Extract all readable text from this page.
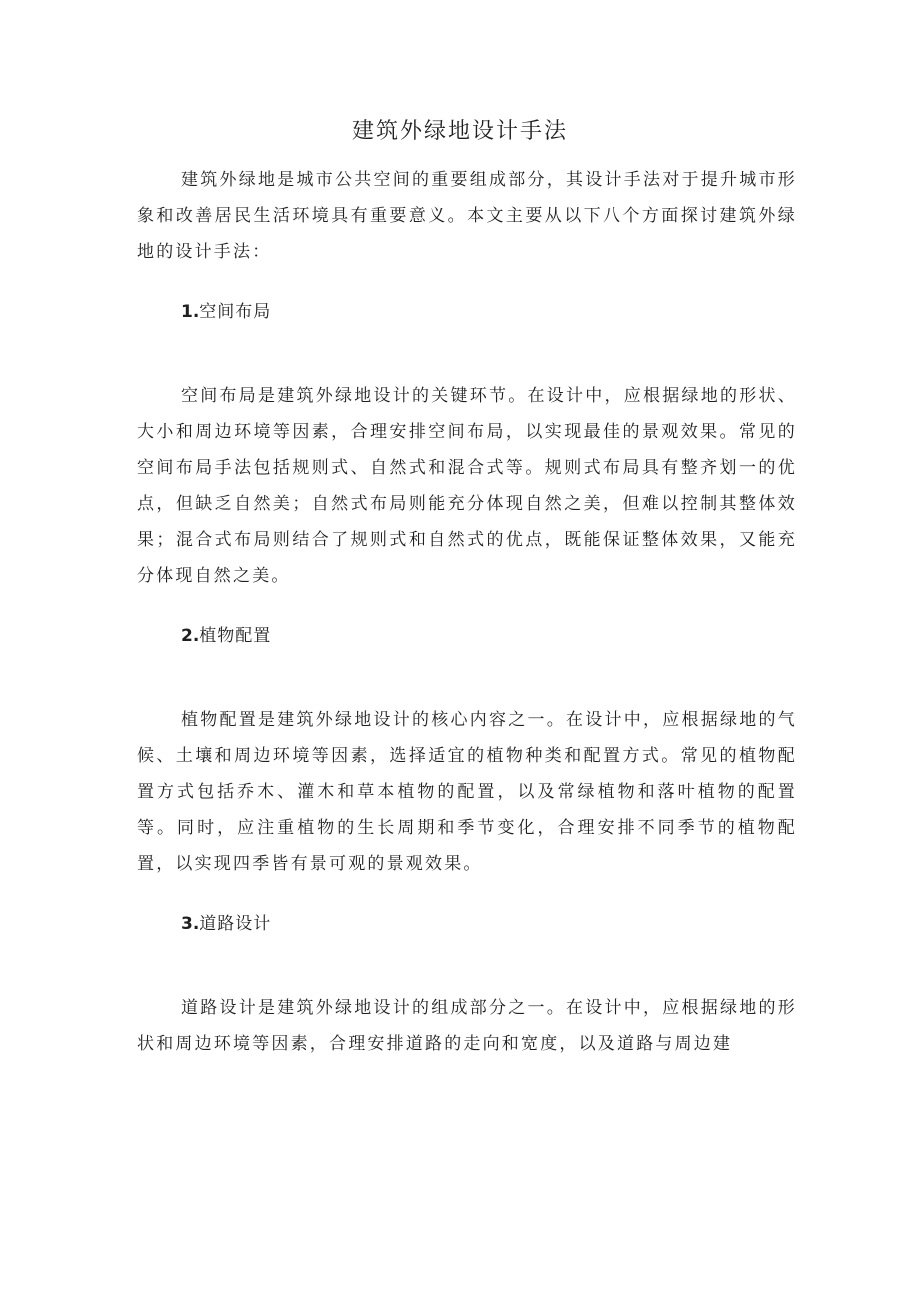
建筑外绿地设计手法

建筑外绿地是城市公共空间的重要组成部分，其设计手法对于提升城市形象和改善居民生活环境具有重要意义。本文主要从以下八个方面探讨建筑外绿地的设计手法：

1.空间布局

空间布局是建筑外绿地设计的关键环节。在设计中，应根据绿地的形状、大小和周边环境等因素，合理安排空间布局，以实现最佳的景观效果。常见的空间布局手法包括规则式、自然式和混合式等。规则式布局具有整齐划一的优点，但缺乏自然美；自然式布局则能充分体现自然之美，但难以控制其整体效果；混合式布局则结合了规则式和自然式的优点，既能保证整体效果，又能充分体现自然之美。

2.植物配置

植物配置是建筑外绿地设计的核心内容之一。在设计中，应根据绿地的气候、土壤和周边环境等因素，选择适宜的植物种类和配置方式。常见的植物配置方式包括乔木、灌木和草本植物的配置，以及常绿植物和落叶植物的配置等。同时，应注重植物的生长周期和季节变化，合理安排不同季节的植物配置，以实现四季皆有景可观的景观效果。

3.道路设计

道路设计是建筑外绿地设计的组成部分之一。在设计中，应根据绿地的形状和周边环境等因素，合理安排道路的走向和宽度，以及道路与周边建
